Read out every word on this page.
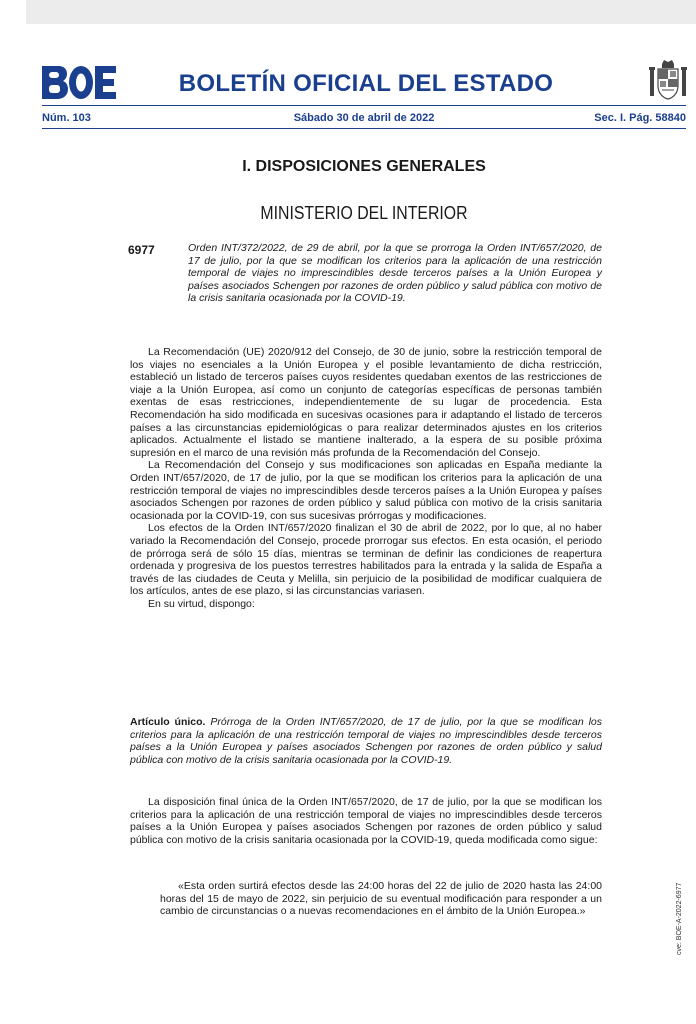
BOLETÍN OFICIAL DEL ESTADO
Núm. 103	Sábado 30 de abril de 2022	Sec. I. Pág. 58840
I. DISPOSICIONES GENERALES
MINISTERIO DEL INTERIOR
6977	Orden INT/372/2022, de 29 de abril, por la que se prorroga la Orden INT/657/2020, de 17 de julio, por la que se modifican los criterios para la aplicación de una restricción temporal de viajes no imprescindibles desde terceros países a la Unión Europea y países asociados Schengen por razones de orden público y salud pública con motivo de la crisis sanitaria ocasionada por la COVID-19.

La Recomendación (UE) 2020/912 del Consejo, de 30 de junio, sobre la restricción temporal de los viajes no esenciales a la Unión Europea y el posible levantamiento de dicha restricción, estableció un listado de terceros países cuyos residentes quedaban exentos de las restricciones de viaje a la Unión Europea, así como un conjunto de categorías específicas de personas también exentas de esas restricciones, independientemente de su lugar de procedencia. Esta Recomendación ha sido modificada en sucesivas ocasiones para ir adaptando el listado de terceros países a las circunstancias epidemiológicas o para realizar determinados ajustes en los criterios aplicados. Actualmente el listado se mantiene inalterado, a la espera de su posible próxima supresión en el marco de una revisión más profunda de la Recomendación del Consejo.

La Recomendación del Consejo y sus modificaciones son aplicadas en España mediante la Orden INT/657/2020, de 17 de julio, por la que se modifican los criterios para la aplicación de una restricción temporal de viajes no imprescindibles desde terceros países a la Unión Europea y países asociados Schengen por razones de orden público y salud pública con motivo de la crisis sanitaria ocasionada por la COVID-19, con sus sucesivas prórrogas y modificaciones.

Los efectos de la Orden INT/657/2020 finalizan el 30 de abril de 2022, por lo que, al no haber variado la Recomendación del Consejo, procede prorrogar sus efectos. En esta ocasión, el periodo de prórroga será de sólo 15 días, mientras se terminan de definir las condiciones de reapertura ordenada y progresiva de los puestos terrestres habilitados para la entrada y la salida de España a través de las ciudades de Ceuta y Melilla, sin perjuicio de la posibilidad de modificar cualquiera de los artículos, antes de ese plazo, si las circunstancias variasen.

En su virtud, dispongo:

Artículo único. Prórroga de la Orden INT/657/2020, de 17 de julio, por la que se modifican los criterios para la aplicación de una restricción temporal de viajes no imprescindibles desde terceros países a la Unión Europea y países asociados Schengen por razones de orden público y salud pública con motivo de la crisis sanitaria ocasionada por la COVID-19.

La disposición final única de la Orden INT/657/2020, de 17 de julio, por la que se modifican los criterios para la aplicación de una restricción temporal de viajes no imprescindibles desde terceros países a la Unión Europea y países asociados Schengen por razones de orden público y salud pública con motivo de la crisis sanitaria ocasionada por la COVID-19, queda modificada como sigue:

«Esta orden surtirá efectos desde las 24:00 horas del 22 de julio de 2020 hasta las 24:00 horas del 15 de mayo de 2022, sin perjuicio de su eventual modificación para responder a un cambio de circunstancias o a nuevas recomendaciones en el ámbito de la Unión Europea.»	cve: BOE-A-2022-6977
